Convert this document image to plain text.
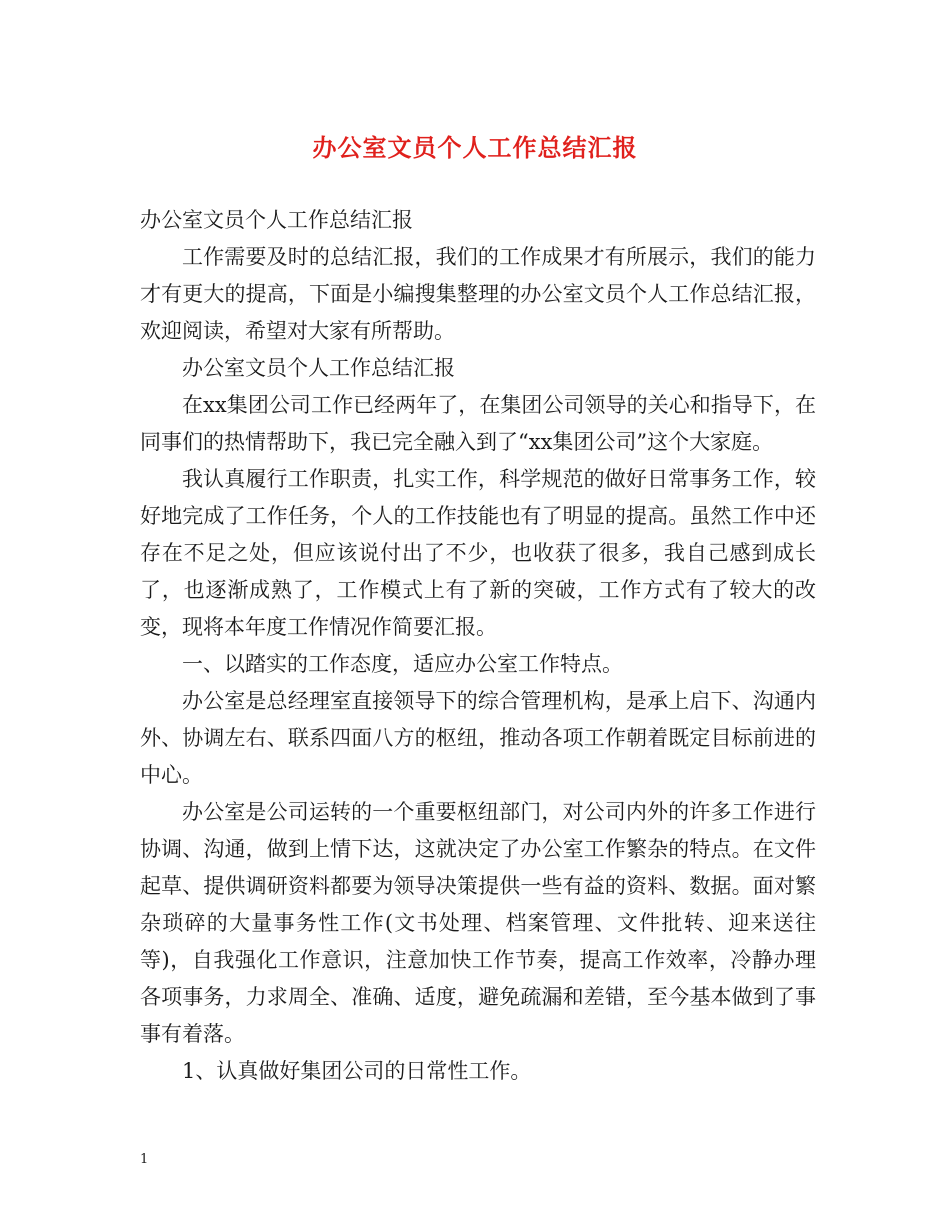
办公室文员个人工作总结汇报

办公室文员个人工作总结汇报

工作需要及时的总结汇报，我们的工作成果才有所展示，我们的能力才有更大的提高，下面是小编搜集整理的办公室文员个人工作总结汇报，欢迎阅读，希望对大家有所帮助。

办公室文员个人工作总结汇报

在xx集团公司工作已经两年了，在集团公司领导的关心和指导下，在同事们的热情帮助下，我已完全融入到了“xx集团公司”这个大家庭。

我认真履行工作职责，扎实工作，科学规范的做好日常事务工作，较好地完成了工作任务，个人的工作技能也有了明显的提高。虽然工作中还存在不足之处，但应该说付出了不少，也收获了很多，我自己感到成长了，也逐渐成熟了，工作模式上有了新的突破，工作方式有了较大的改变，现将本年度工作情况作简要汇报。

一、以踏实的工作态度，适应办公室工作特点。

办公室是总经理室直接领导下的综合管理机构，是承上启下、沟通内外、协调左右、联系四面八方的枢纽，推动各项工作朝着既定目标前进的中心。

办公室是公司运转的一个重要枢纽部门，对公司内外的许多工作进行协调、沟通，做到上情下达，这就决定了办公室工作繁杂的特点。在文件起草、提供调研资料都要为领导决策提供一些有益的资料、数据。面对繁杂琐碎的大量事务性工作(文书处理、档案管理、文件批转、迎来送往等)，自我强化工作意识，注意加快工作节奏，提高工作效率，冷静办理各项事务，力求周全、准确、适度，避免疏漏和差错，至今基本做到了事事有着落。

1、认真做好集团公司的日常性工作。

1
